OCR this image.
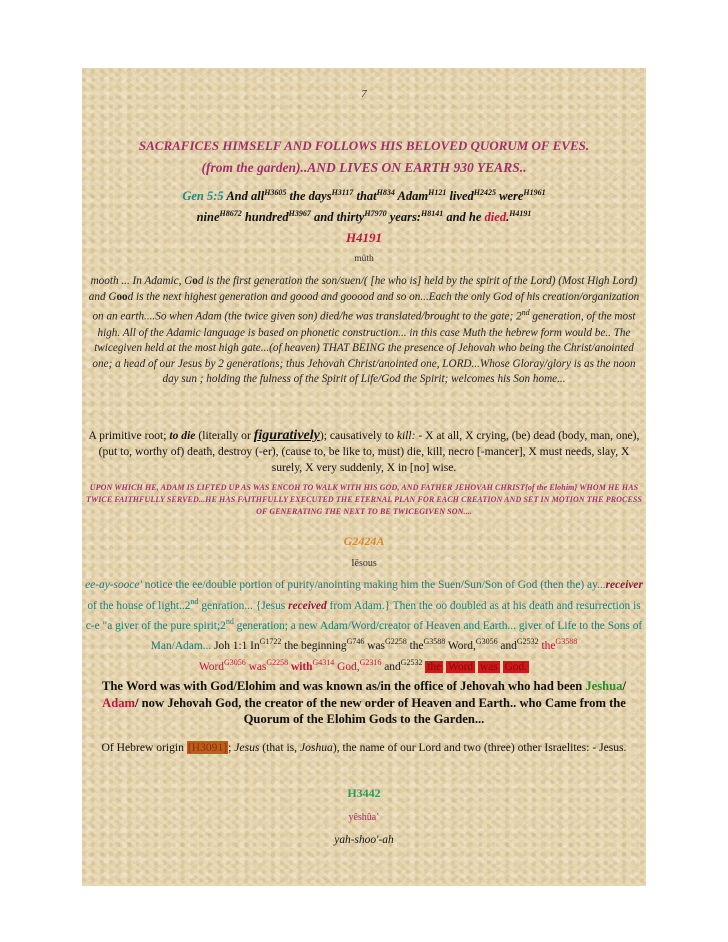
7
SACRAFICES HIMSELF AND FOLLOWS HIS BELOVED QUORUM OF EVES.
(from the garden)..AND LIVES ON EARTH 930 YEARS..
Gen 5:5 And all$^{H3605}$ the days$^{H3117}$ that$^{H834}$ Adam$^{H121}$ lived$^{H2425}$ were$^{H1961}$
nine$^{H8672}$ hundred$^{H3967}$ and thirty$^{H7970}$ years:$^{H8141}$ and he died.$^{H4191}$
H4191
mûth
mooth ... In Adamic, God is the first generation the son/suen/( [he who is] held by the spirit of the Lord) (Most High Lord) and Good is the next highest generation and goood and gooood and so on...Each the only God of his creation/organization on an earth....So when Adam (the twice given son) died/he was translated/brought to the gate; 2nd generation, of the most high. All of the Adamic language is based on phonetic construction... in this case Muth the hebrew form would be.. The twicegiven held at the most high gate...(of heaven) THAT BEING the presence of Jehovah who being the Christ/anointed one; a head of our Jesus by 2 generations; thus Jehovah Christ/anointed one, LORD...Whose Gloray/glory is as the noon day sun ; holding the fulness of the Spirit of Life/God the Spirit; welcomes his Son home...
A primitive root; to die (literally or figuratively); causatively to kill: - X at all, X crying, (be) dead (body, man, one), (put to, worthy of) death, destroy (-er), (cause to, be like to, must) die, kill, necro [-mancer], X must needs, slay, X surely, X very suddenly, X in [no] wise.
UPON WHICH HE, ADAM IS LIFTED UP AS WAS ENCOH TO WALK WITH HIS GOD, AND FATHER JEHOVAH CHRIST{of the Elohim} WHOM HE HAS TWICE FAITHFULLY SERVED...HE HAS FAITHFULLY EXECUTED THE ETERNAL PLAN FOR EACH CREATION AND SET IN MOTION THE PROCESS OF GENERATING THE NEXT TO BE TWICEGIVEN SON....
G2424A
Iēsous
ee-ay-sooce' notice the ee/double portion of purity/anointing making him the Suen/Sun/Son of God (then the) ay...receiver of the house of light..2nd genration... {Jesus received from Adam.} Then the oo doubled as at his death and resurrection is c-e "a giver of the pure spirit;2nd generation; a new Adam/Word/creator of Heaven and Earth... giver of Life to the Sons of Man/Adam... Joh 1:1 $In^{G1722}$ the beginning$^{G746}$ was$^{G2258}$ the$^{G3588}$ Word,$^{G3056}$ and$^{G2532}$ the$^{G3588}$
Word$^{G3056}$ was$^{G2258}$ with$^{G4314}$ God,$^{G2316}$ and$^{G2532}$ the Word was God.
The Word was with God/Elohim and was known as/in the office of Jehovah who had been Jeshua/ Adam/ now Jehovah God, the creator of the new order of Heaven and Earth.. who Came from the Quorum of the Elohim Gods to the Garden...
Of Hebrew origin [H3091]; Jesus (that is, Joshua), the name of our Lord and two (three) other Israelites: - Jesus.
H3442
yêshûa‛
yah-shoo'-ah
